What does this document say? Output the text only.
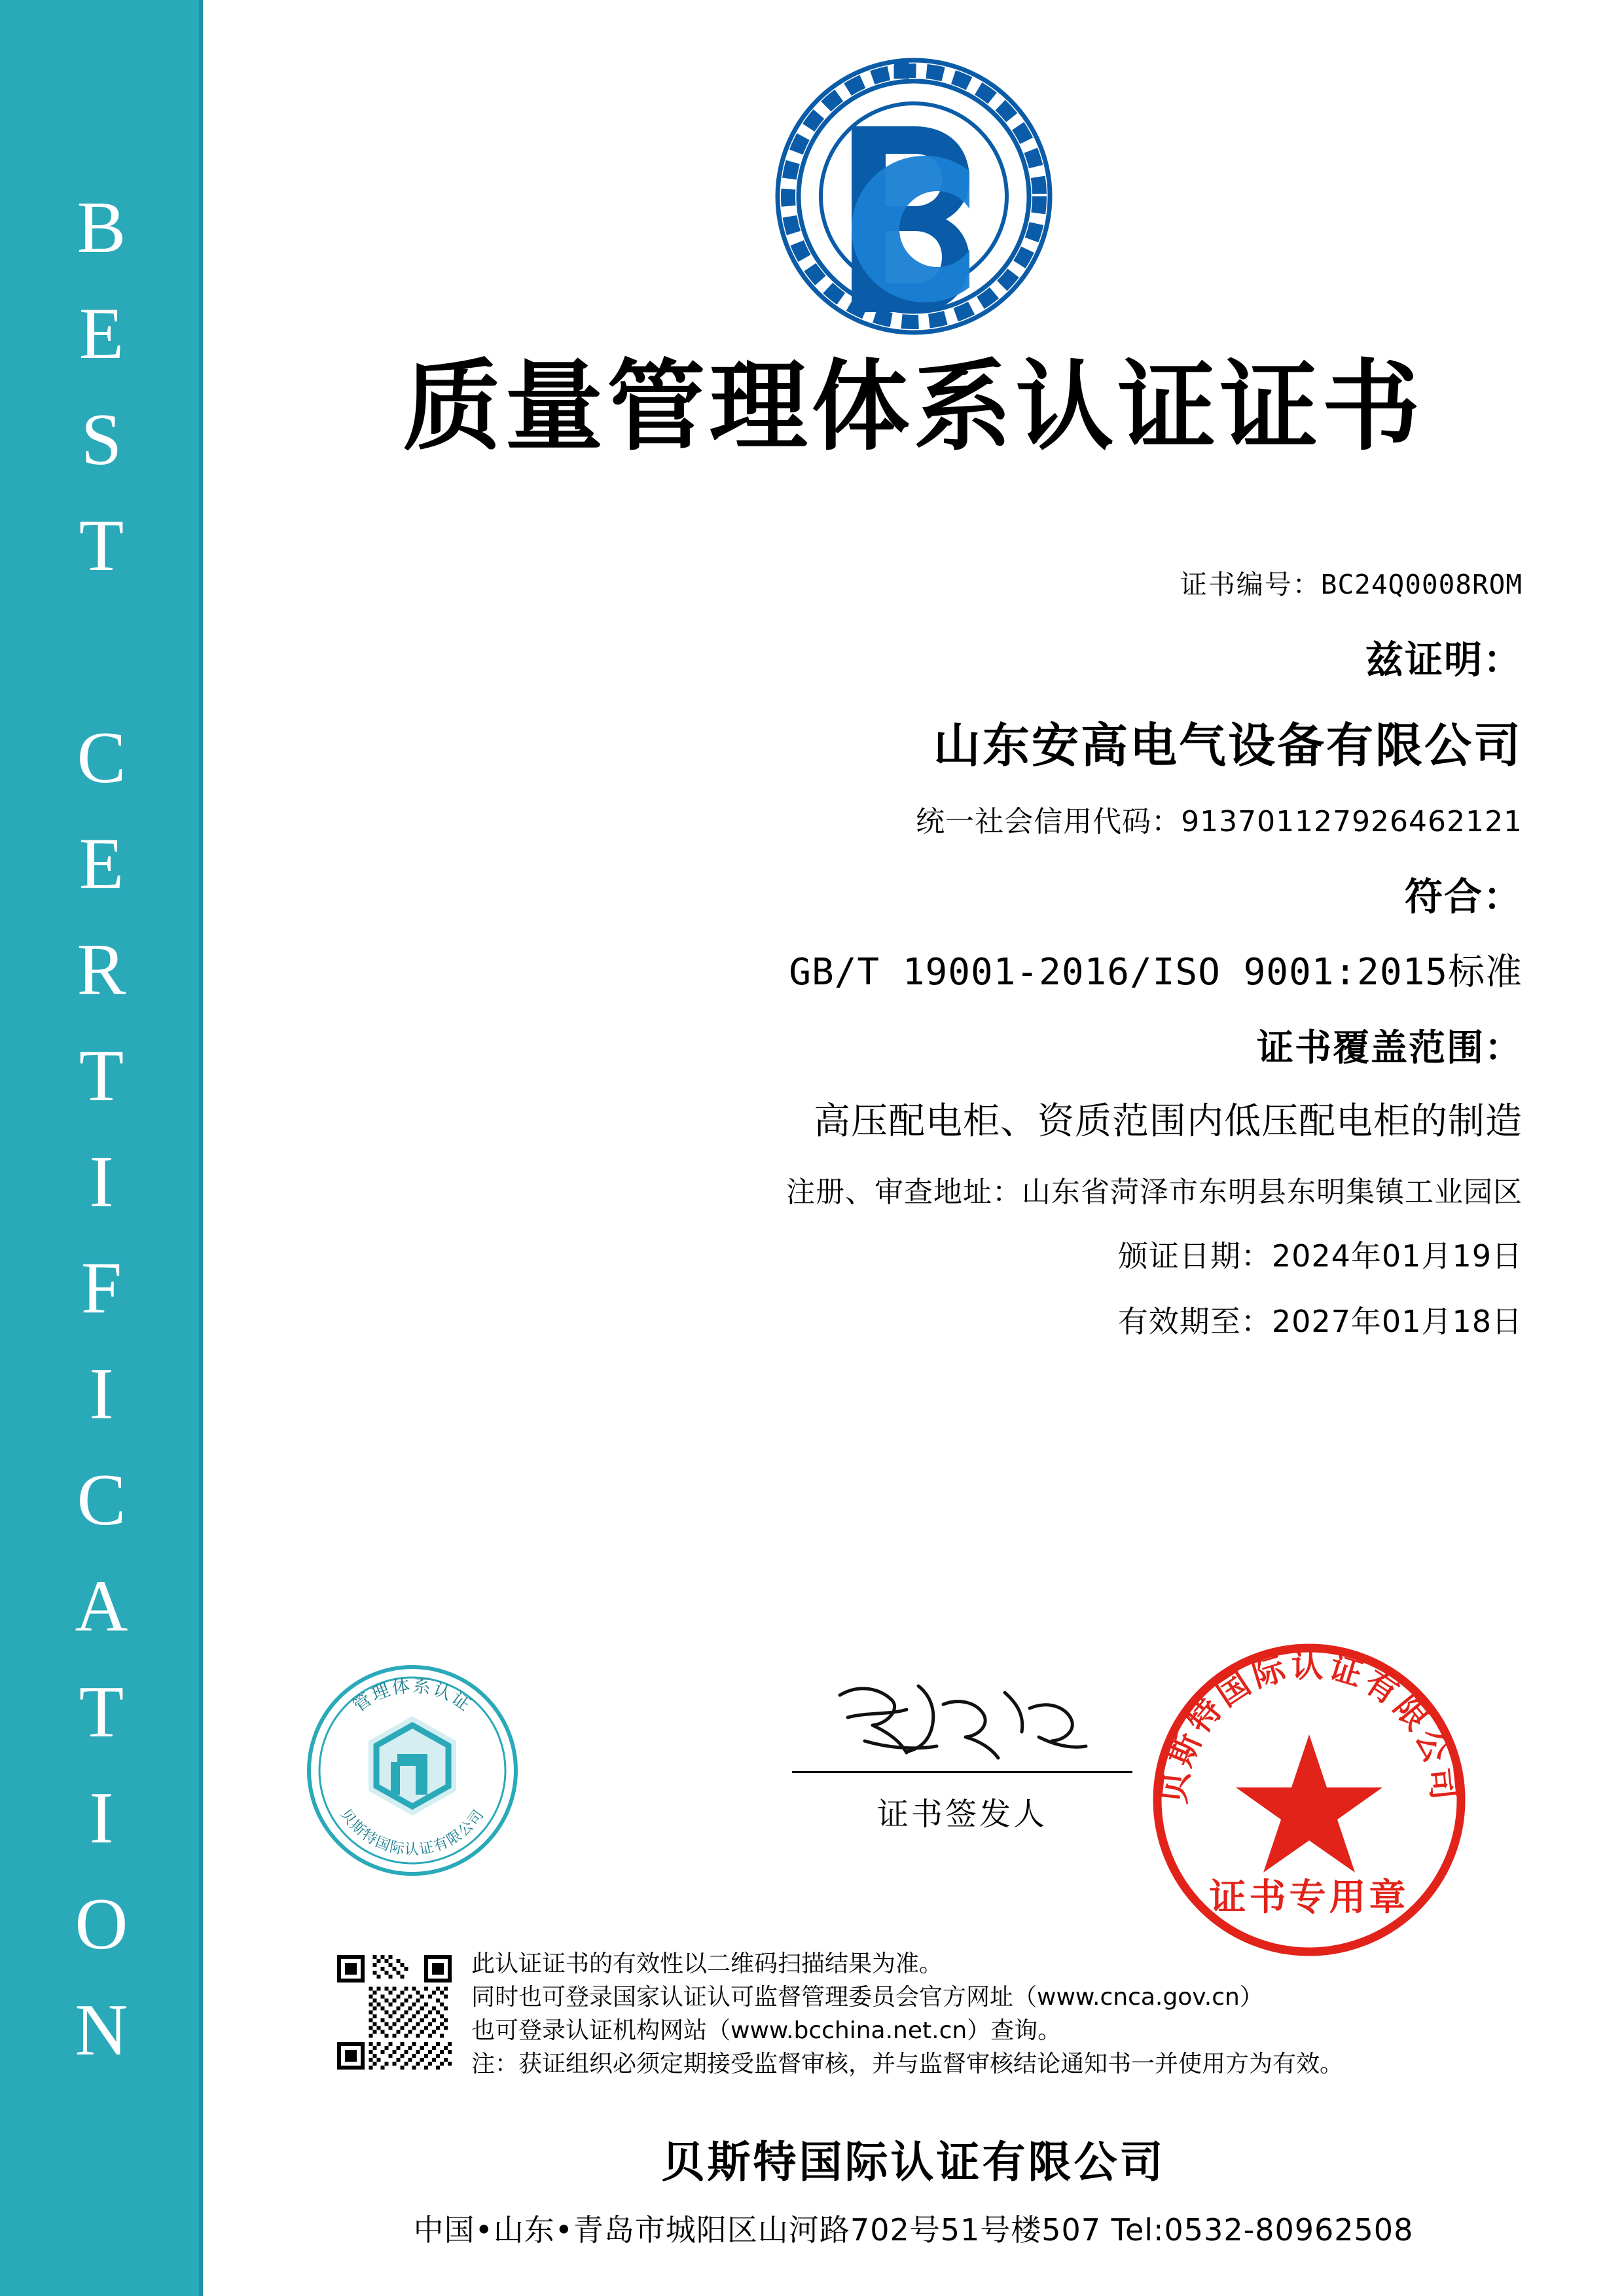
BEST CERTIFICATION	质量管理体系认证证书
证书编号：BC24Q0008ROM
兹证明：
山东安高电气设备有限公司
统一社会信用代码：913701127926462121
符合：
GB/T 19001-2016/ISO 9001:2015标准
证书覆盖范围：
高压配电柜、资质范围内低压配电柜的制造
注册、审查地址：山东省菏泽市东明县东明集镇工业园区
颁证日期：2024年01月19日
有效期至：2027年01月18日
管理体系认证
贝斯特国际认证有限公司	证书签发人
贝斯特国际认证有限公司
证书专用章
此认证证书的有效性以二维码扫描结果为准。
同时也可登录国家认证认可监督管理委员会官方网址（www.cnca.gov.cn）
也可登录认证机构网站（www.bcchina.net.cn）查询。
注：获证组织必须定期接受监督审核，并与监督审核结论通知书一并使用方为有效。
贝斯特国际认证有限公司
中国•山东•青岛市城阳区山河路702号51号楼507 Tel:0532-80962508
